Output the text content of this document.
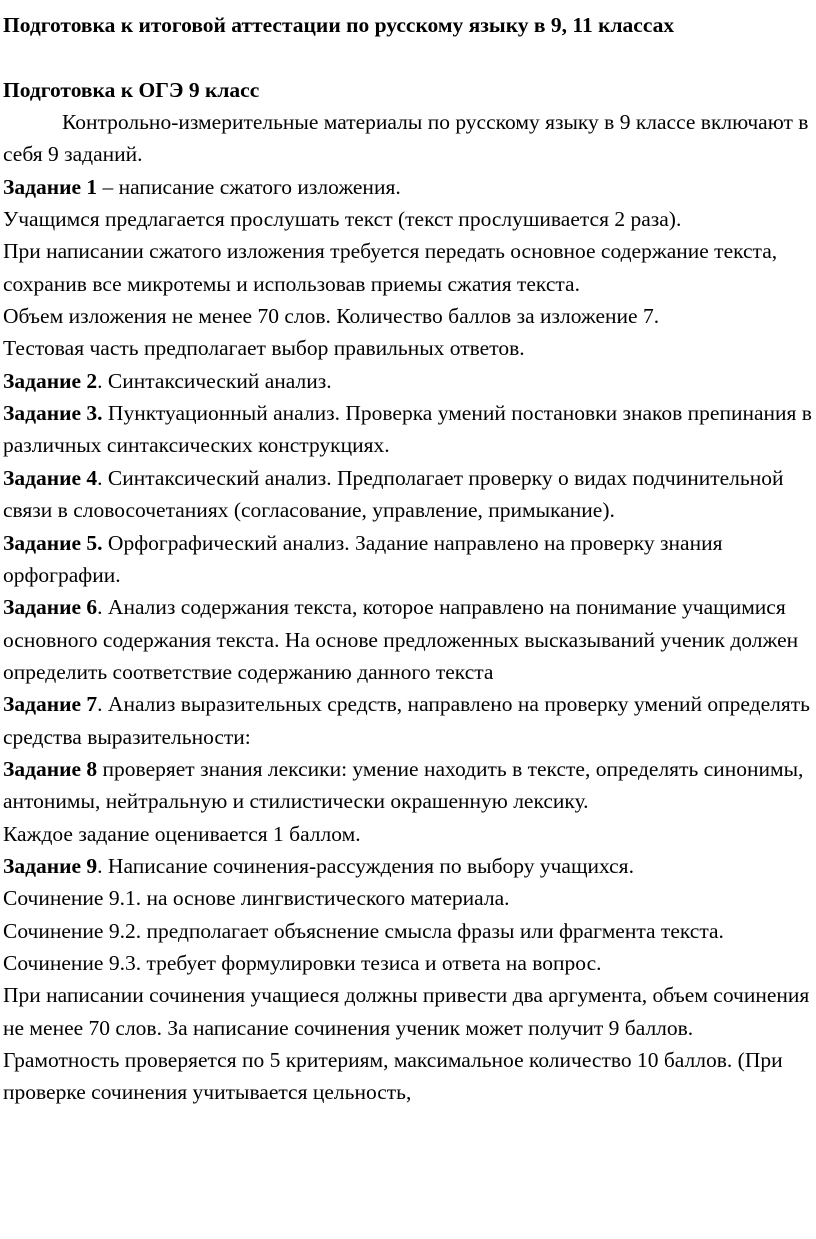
Подготовка к итоговой аттестации по русскому языку в 9, 11 классах

Подготовка к ОГЭ 9 класс

Контрольно-измерительные материалы по русскому языку в 9 классе включают в себя 9 заданий.

Задание 1 – написание сжатого изложения.

Учащимся предлагается прослушать текст (текст прослушивается 2 раза).

При написании сжатого изложения требуется передать основное содержание текста, сохранив все микротемы и использовав приемы сжатия текста.

Объем изложения не менее 70 слов. Количество баллов за изложение 7.

Тестовая часть предполагает выбор правильных ответов.

Задание 2. Синтаксический анализ.

Задание 3. Пунктуационный анализ. Проверка умений постановки знаков препинания в различных синтаксических конструкциях.

Задание 4. Синтаксический анализ. Предполагает проверку о видах подчинительной связи в словосочетаниях (согласование, управление, примыкание).

Задание 5. Орфографический анализ. Задание направлено на проверку знания орфографии.

Задание 6. Анализ содержания текста, которое направлено на понимание учащимися основного содержания текста. На основе предложенных высказываний ученик должен определить соответствие содержанию данного текста

Задание 7. Анализ выразительных средств, направлено на проверку умений определять средства выразительности:

Задание 8 проверяет знания лексики: умение находить в тексте, определять синонимы, антонимы, нейтральную и стилистически окрашенную лексику.

Каждое задание оценивается 1 баллом.

Задание 9. Написание сочинения-рассуждения по выбору учащихся.

Сочинение 9.1. на основе лингвистического материала.

Сочинение 9.2. предполагает объяснение смысла фразы или фрагмента текста.

Сочинение 9.3. требует формулировки тезиса и ответа на вопрос.

При написании сочинения учащиеся должны привести два аргумента, объем сочинения не менее 70 слов. За написание сочинения ученик может получит 9 баллов.

Грамотность проверяется по 5 критериям, максимальное количество 10 баллов. (При проверке сочинения учитывается цельность,
